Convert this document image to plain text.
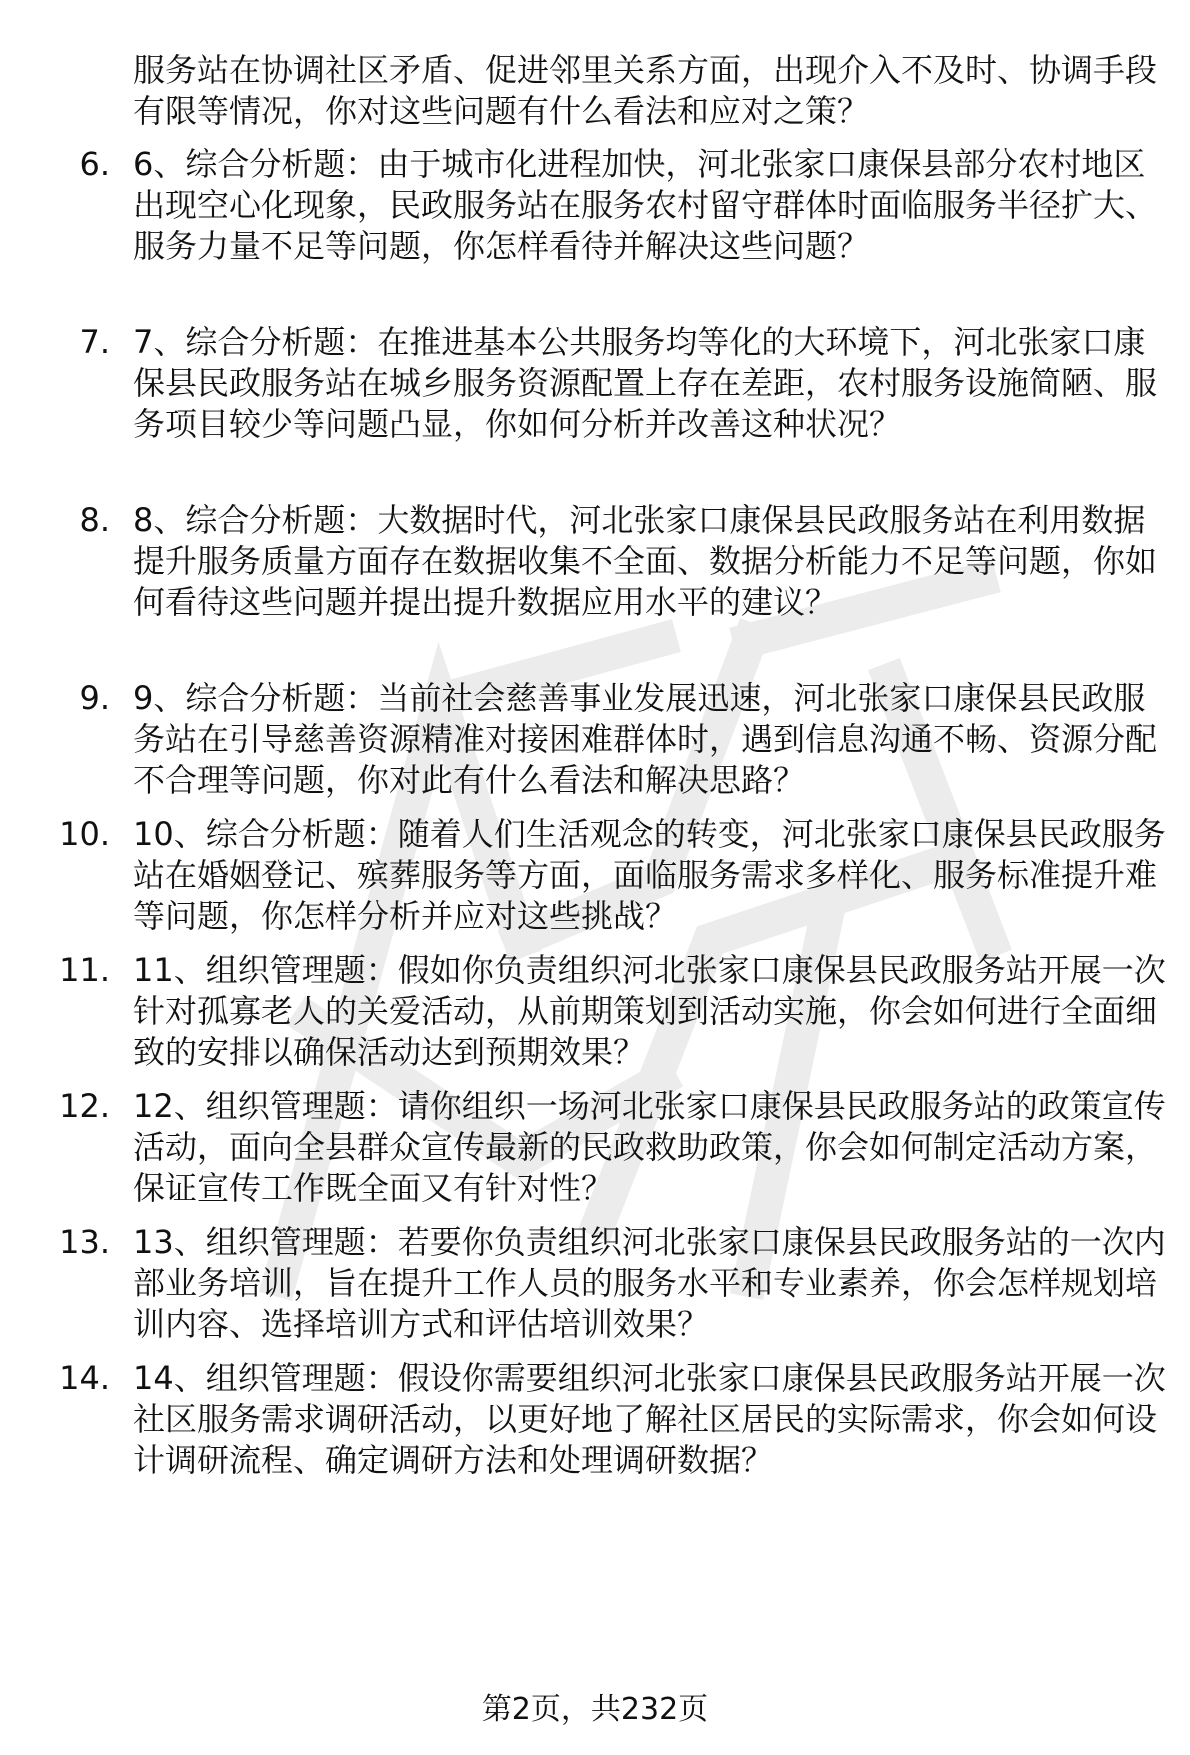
服务站在协调社区矛盾、促进邻里关系方面，出现介入不及时、协调手段有限等情况，你对这些问题有什么看法和应对之策？
6. 6、综合分析题：由于城市化进程加快，河北张家口康保县部分农村地区出现空心化现象，民政服务站在服务农村留守群体时面临服务半径扩大、服务力量不足等问题，你怎样看待并解决这些问题？
7. 7、综合分析题：在推进基本公共服务均等化的大环境下，河北张家口康保县民政服务站在城乡服务资源配置上存在差距，农村服务设施简陋、服务项目较少等问题凸显，你如何分析并改善这种状况？
8. 8、综合分析题：大数据时代，河北张家口康保县民政服务站在利用数据提升服务质量方面存在数据收集不全面、数据分析能力不足等问题，你如何看待这些问题并提出提升数据应用水平的建议？
9. 9、综合分析题：当前社会慈善事业发展迅速，河北张家口康保县民政服务站在引导慈善资源精准对接困难群体时，遇到信息沟通不畅、资源分配不合理等问题，你对此有什么看法和解决思路？
10. 10、综合分析题：随着人们生活观念的转变，河北张家口康保县民政服务站在婚姻登记、殡葬服务等方面，面临服务需求多样化、服务标准提升难等问题，你怎样分析并应对这些挑战？
11. 11、组织管理题：假如你负责组织河北张家口康保县民政服务站开展一次针对孤寡老人的关爱活动，从前期策划到活动实施，你会如何进行全面细致的安排以确保活动达到预期效果？
12. 12、组织管理题：请你组织一场河北张家口康保县民政服务站的政策宣传活动，面向全县群众宣传最新的民政救助政策，你会如何制定活动方案，保证宣传工作既全面又有针对性？
13. 13、组织管理题：若要你负责组织河北张家口康保县民政服务站的一次内部业务培训，旨在提升工作人员的服务水平和专业素养，你会怎样规划培训内容、选择培训方式和评估培训效果？
14. 14、组织管理题：假设你需要组织河北张家口康保县民政服务站开展一次社区服务需求调研活动，以更好地了解社区居民的实际需求，你会如何设计调研流程、确定调研方法和处理调研数据？
第2页，共232页
